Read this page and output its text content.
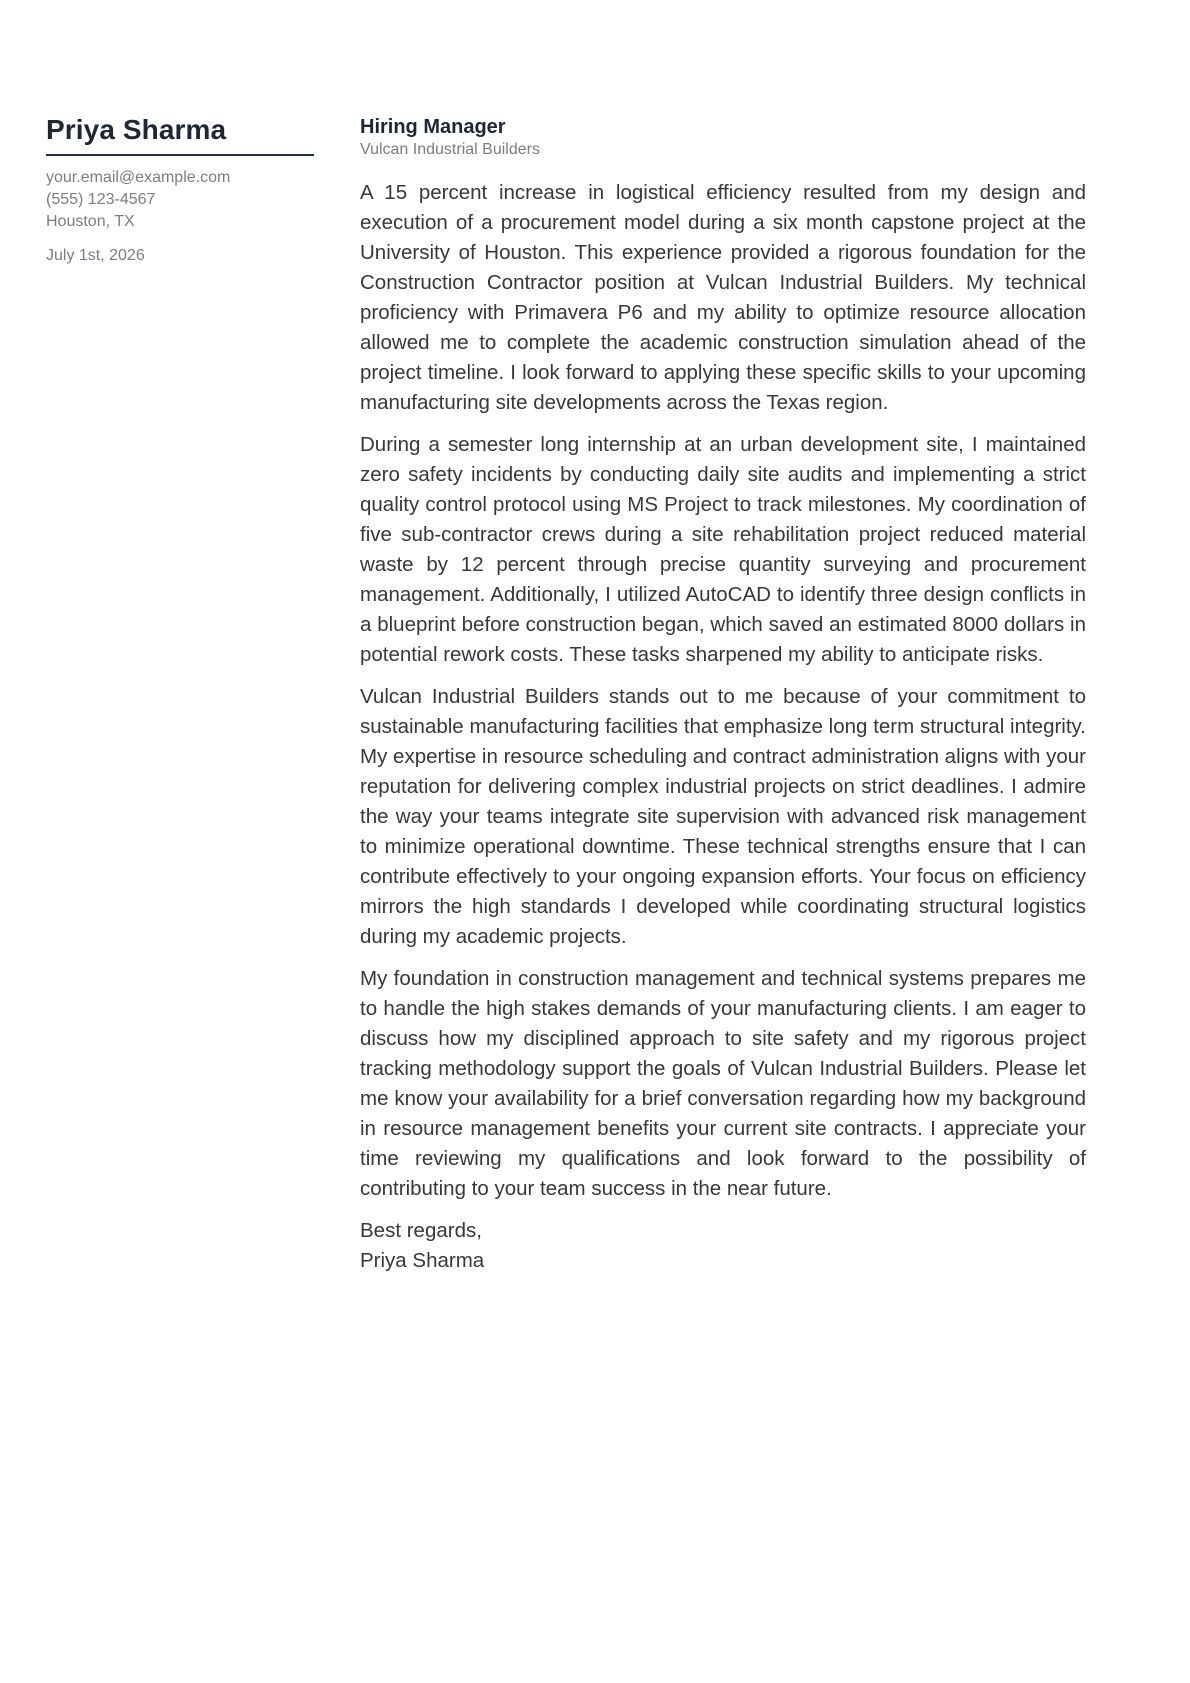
Priya Sharma
your.email@example.com
(555) 123-4567
Houston, TX
July 1st, 2026
Hiring Manager
Vulcan Industrial Builders

A 15 percent increase in logistical efficiency resulted from my design and execution of a procurement model during a six month capstone project at the University of Houston. This experience provided a rigorous foundation for the Construction Contractor position at Vulcan Industrial Builders. My technical proficiency with Primavera P6 and my ability to optimize resource allocation allowed me to complete the academic construction simulation ahead of the project timeline. I look forward to applying these specific skills to your upcoming manufacturing site developments across the Texas region.

During a semester long internship at an urban development site, I maintained zero safety incidents by conducting daily site audits and implementing a strict quality control protocol using MS Project to track milestones. My coordination of five sub-contractor crews during a site rehabilitation project reduced material waste by 12 percent through precise quantity surveying and procurement management. Additionally, I utilized AutoCAD to identify three design conflicts in a blueprint before construction began, which saved an estimated 8000 dollars in potential rework costs. These tasks sharpened my ability to anticipate risks.

Vulcan Industrial Builders stands out to me because of your commitment to sustainable manufacturing facilities that emphasize long term structural integrity. My expertise in resource scheduling and contract administration aligns with your reputation for delivering complex industrial projects on strict deadlines. I admire the way your teams integrate site supervision with advanced risk management to minimize operational downtime. These technical strengths ensure that I can contribute effectively to your ongoing expansion efforts. Your focus on efficiency mirrors the high standards I developed while coordinating structural logistics during my academic projects.

My foundation in construction management and technical systems prepares me to handle the high stakes demands of your manufacturing clients. I am eager to discuss how my disciplined approach to site safety and my rigorous project tracking methodology support the goals of Vulcan Industrial Builders. Please let me know your availability for a brief conversation regarding how my background in resource management benefits your current site contracts. I appreciate your time reviewing my qualifications and look forward to the possibility of contributing to your team success in the near future.

Best regards,
Priya Sharma
